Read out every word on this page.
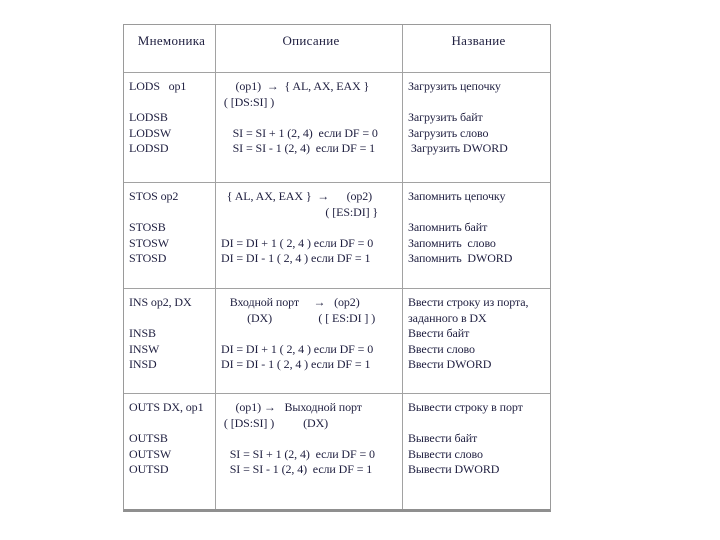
Мнемоника	Описание	Название
LODS   op1
LODSB
LODSW
LODSD
(op1)  →  { AL, AX, EAX }
( [DS:SI] )
SI = SI + 1 (2, 4)  если DF = 0
SI = SI - 1 (2, 4)  если DF = 1
Загрузить цепочку
Загрузить байт
Загрузить слово
Загрузить DWORD
STOS op2
STOSB
STOSW
STOSD
{ AL, AX, EAX }  →      (op2)
( [ES:DI] }
DI = DI + 1 ( 2, 4 ) если DF = 0
DI = DI - 1 ( 2, 4 ) если DF = 1
Запомнить цепочку
Запомнить байт
Запомнить  слово
Запомнить  DWORD
INS op2, DX
INSB
INSW
INSD
Входной порт     →   (op2)
(DX)                ( [ ES:DI ] )
DI = DI + 1 ( 2, 4 ) если DF = 0
DI = DI - 1 ( 2, 4 ) если DF = 1
Ввести строку из порта,
заданного в DX
Ввести байт
Ввести слово
Ввести DWORD
OUTS DX, op1
OUTSB
OUTSW
OUTSD
(op1) →   Выходной порт
( [DS:SI] )          (DX)
SI = SI + 1 (2, 4)  если DF = 0
SI = SI - 1 (2, 4)  если DF = 1
Вывести строку в порт
Вывести байт
Вывести слово
Вывести DWORD
